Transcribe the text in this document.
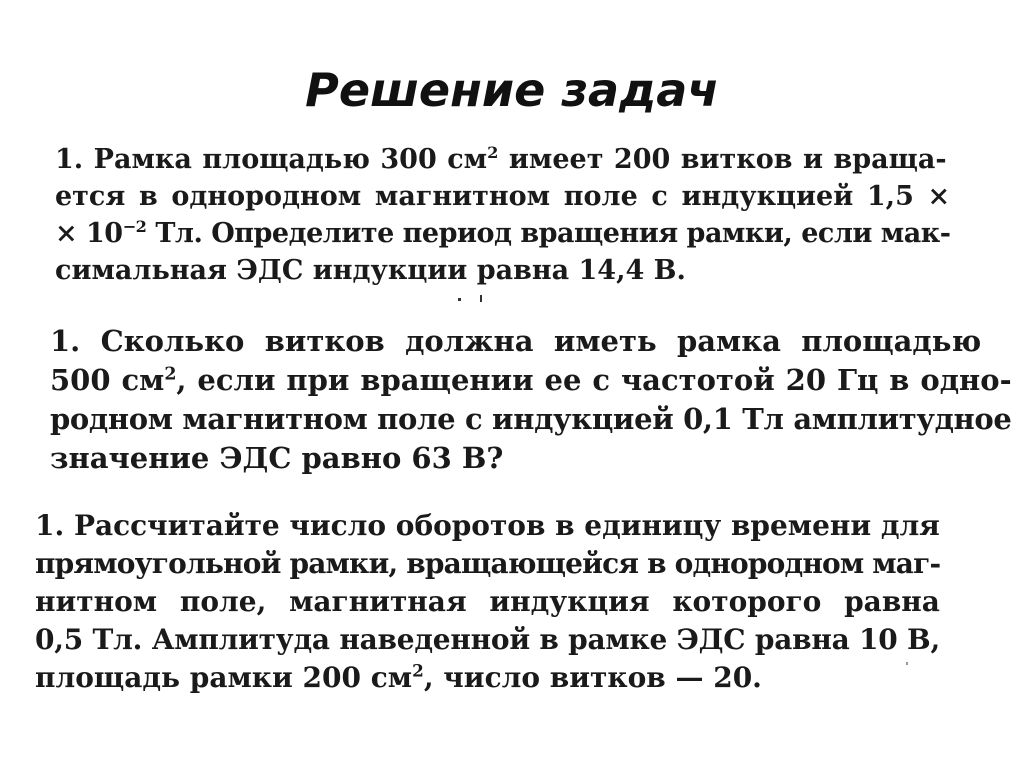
Решение задач
1. Рамка площадью 300 $см^2$ имеет 200 витков и враща-
ется в однородном магнитном поле с индукцией 1,5 ×
× $10^{-2}$ Тл. Определите период вращения рамки, если мак-
симальная ЭДС индукции равна 14,4 В.
1. Сколько витков должна иметь рамка площадью
500 $см^2$, если при вращении ее с частотой 20 Гц в одно-
родном магнитном поле с индукцией 0,1 Тл амплитудное
значение ЭДС равно 63 В?
1. Рассчитайте число оборотов в единицу времени для
прямоугольной рамки, вращающейся в однородном маг-
нитном поле, магнитная индукция которого равна
0,5 Тл. Амплитуда наведенной в рамке ЭДС равна 10 В,
площадь рамки 200 $см^2$, число витков — 20.
